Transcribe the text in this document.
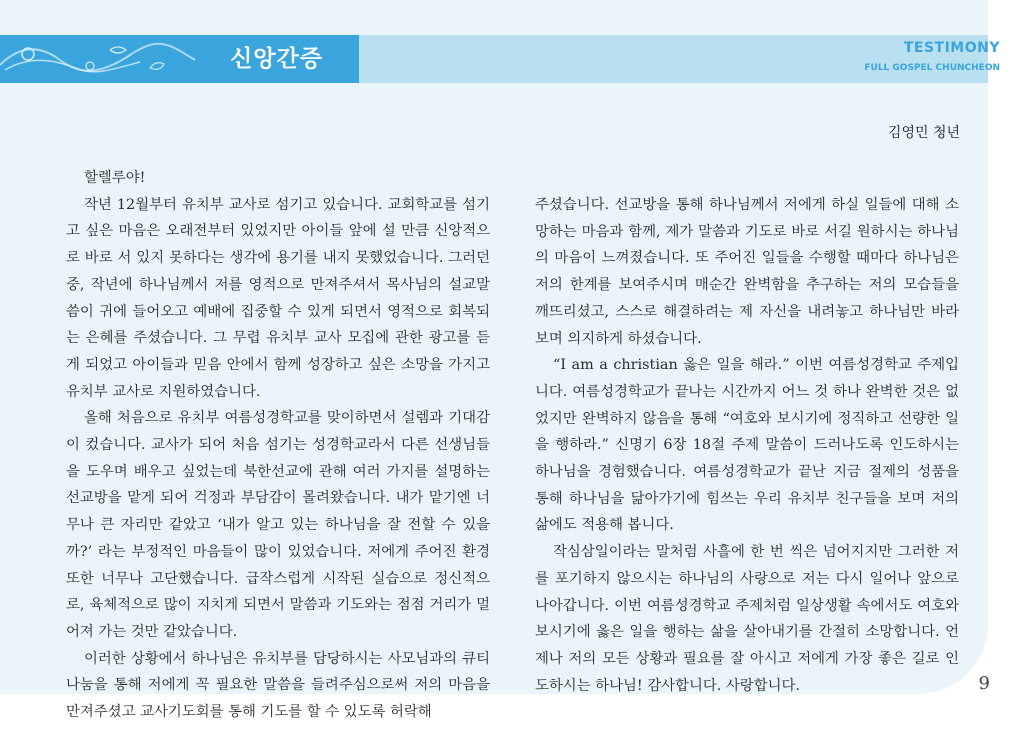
신앙간증	TESTIMONY
FULL GOSPEL CHUNCHEON
김영민 청년

할렐루야!

작년 12월부터 유치부 교사로 섬기고 있습니다. 교회학교를 섬기고 싶은 마음은 오래전부터 있었지만 아이들 앞에 설 만큼 신앙적으로 바로 서 있지 못하다는 생각에 용기를 내지 못했었습니다. 그러던 중, 작년에 하나님께서 저를 영적으로 만져주셔서 목사님의 설교말씀이 귀에 들어오고 예배에 집중할 수 있게 되면서 영적으로 회복되는 은혜를 주셨습니다. 그 무렵 유치부 교사 모집에 관한 광고를 듣게 되었고 아이들과 믿음 안에서 함께 성장하고 싶은 소망을 가지고 유치부 교사로 지원하였습니다.

올해 처음으로 유치부 여름성경학교를 맞이하면서 설렘과 기대감이 컸습니다. 교사가 되어 처음 섬기는 성경학교라서 다른 선생님들을 도우며 배우고 싶었는데 북한선교에 관해 여러 가지를 설명하는 선교방을 맡게 되어 걱정과 부담감이 몰려왔습니다. 내가 맡기엔 너무나 큰 자리만 같았고 ‘내가 알고 있는 하나님을 잘 전할 수 있을까?’ 라는 부정적인 마음들이 많이 있었습니다. 저에게 주어진 환경 또한 너무나 고단했습니다. 급작스럽게 시작된 실습으로 정신적으로, 육체적으로 많이 지치게 되면서 말씀과 기도와는 점점 거리가 멀어져 가는 것만 같았습니다.

이러한 상황에서 하나님은 유치부를 담당하시는 사모님과의 큐티나눔을 통해 저에게 꼭 필요한 말씀을 들려주심으로써 저의 마음을 만져주셨고 교사기도회를 통해 기도를 할 수 있도록 허락해

주셨습니다. 선교방을 통해 하나님께서 저에게 하실 일들에 대해 소망하는 마음과 함께, 제가 말씀과 기도로 바로 서길 원하시는 하나님의 마음이 느껴졌습니다. 또 주어진 일들을 수행할 때마다 하나님은 저의 한계를 보여주시며 매순간 완벽함을 추구하는 저의 모습들을 깨뜨리셨고, 스스로 해결하려는 제 자신을 내려놓고 하나님만 바라보며 의지하게 하셨습니다.

“I am a christian 옳은 일을 해라.” 이번 여름성경학교 주제입니다. 여름성경학교가 끝나는 시간까지 어느 것 하나 완벽한 것은 없었지만 완벽하지 않음을 통해 “여호와 보시기에 정직하고 선량한 일을 행하라.” 신명기 6장 18절 주제 말씀이 드러나도록 인도하시는 하나님을 경험했습니다. 여름성경학교가 끝난 지금 절제의 성품을 통해 하나님을 닮아가기에 힘쓰는 우리 유치부 친구들을 보며 저의 삶에도 적용해 봅니다.

작심삼일이라는 말처럼 사흘에 한 번 씩은 넘어지지만 그러한 저를 포기하지 않으시는 하나님의 사랑으로 저는 다시 일어나 앞으로 나아갑니다. 이번 여름성경학교 주제처럼 일상생활 속에서도 여호와 보시기에 옳은 일을 행하는 삶을 살아내기를 간절히 소망합니다. 언제나 저의 모든 상황과 필요를 잘 아시고 저에게 가장 좋은 길로 인도하시는 하나님! 감사합니다. 사랑합니다.	9
